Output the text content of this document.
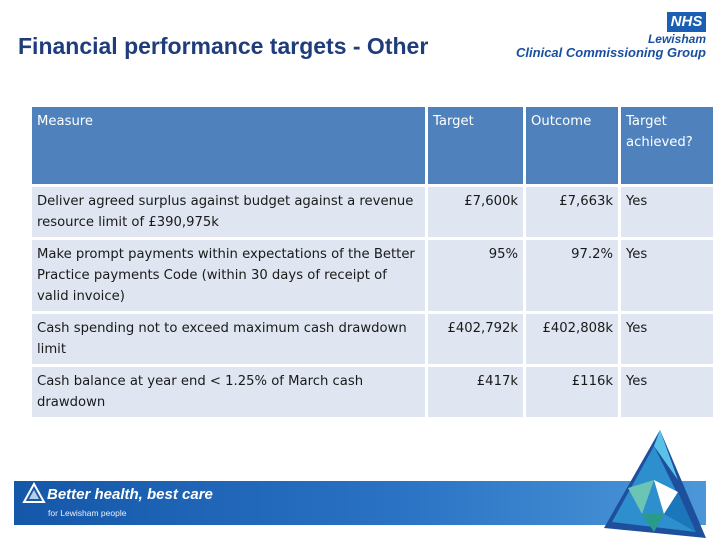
Financial performance targets - Other
NHS
Lewisham
Clinical Commissioning Group
Measure	Target	Outcome	Target achieved?
Deliver agreed surplus against budget against a revenue resource limit of £390,975k	£7,600k	£7,663k	Yes
Make prompt payments within expectations of the Better Practice payments Code (within 30 days of receipt of valid invoice)	95%	97.2%	Yes
Cash spending not to exceed maximum cash drawdown limit	£402,792k	£402,808k	Yes
Cash balance at year end < 1.25% of March cash drawdown	£417k	£116k	Yes
Better health, best care
for Lewisham people
